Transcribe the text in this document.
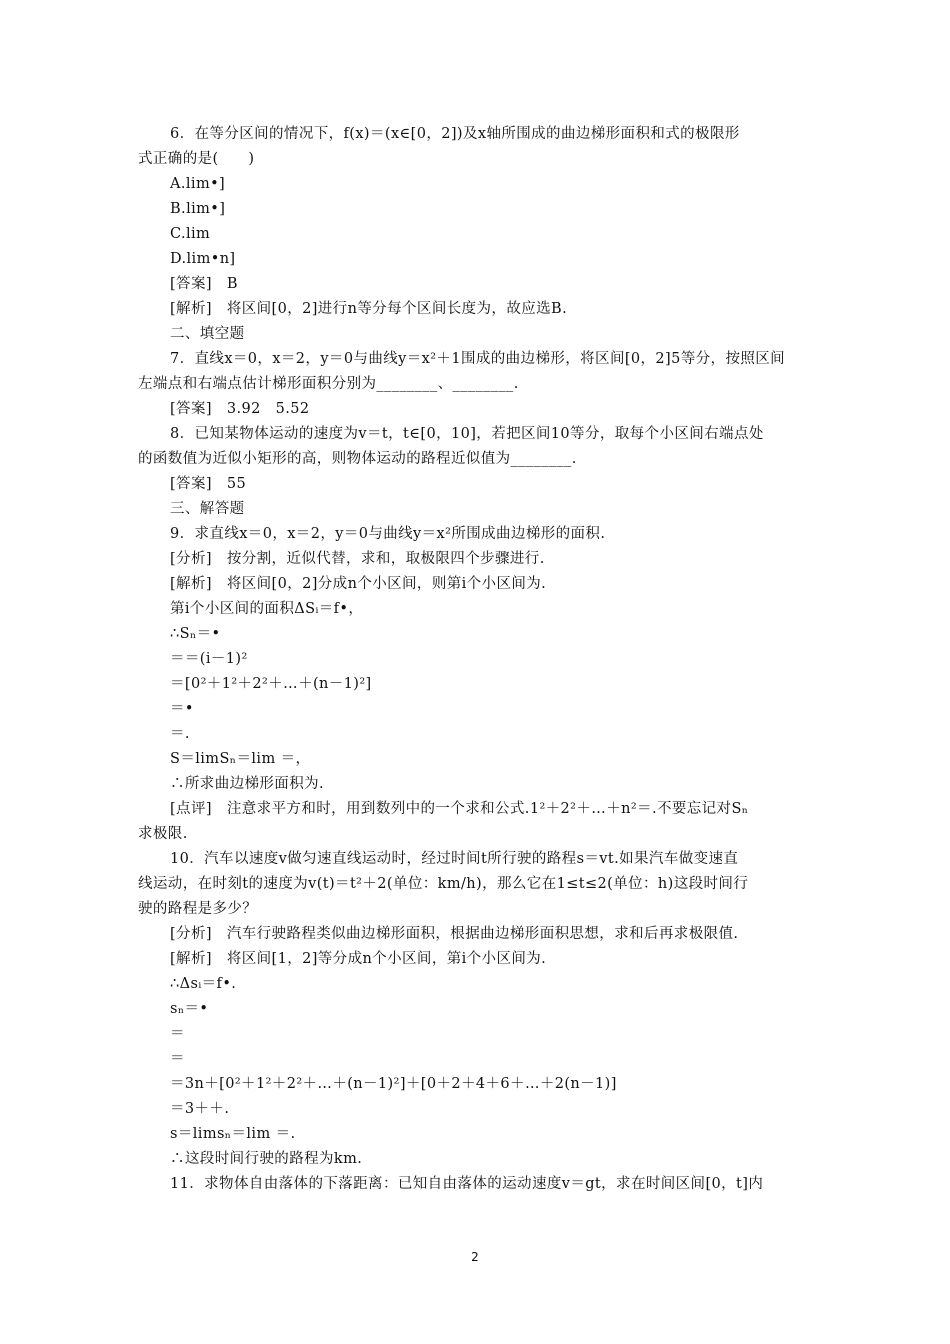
6．在等分区间的情况下，f(x)＝(x∈[0，2])及x轴所围成的曲边梯形面积和式的极限形
式正确的是(　　)
A.lim•]
B.lim•]
C.lim
D.lim•n]
[答案]　B
[解析]　将区间[0，2]进行n等分每个区间长度为，故应选B.
二、填空题
7．直线x＝0，x＝2，y＝0与曲线y＝x²＋1围成的曲边梯形，将区间[0，2]5等分，按照区间
左端点和右端点估计梯形面积分别为________、________.
[答案]　3.92　5.52
8．已知某物体运动的速度为v＝t，t∈[0，10]，若把区间10等分，取每个小区间右端点处
的函数值为近似小矩形的高，则物体运动的路程近似值为________.
[答案]　55
三、解答题
9．求直线x＝0，x＝2，y＝0与曲线y＝x²所围成曲边梯形的面积.
[分析]　按分割，近似代替，求和，取极限四个步骤进行.
[解析]　将区间[0，2]分成n个小区间，则第i个小区间为.
第i个小区间的面积ΔSᵢ＝f•，
∴Sₙ＝•
＝＝(i－1)²
＝[0²＋1²＋2²＋…＋(n－1)²]
＝•
＝.
S＝limSₙ＝lim ＝，
∴所求曲边梯形面积为.
[点评]　注意求平方和时，用到数列中的一个求和公式.1²＋2²＋…＋n²＝.不要忘记对Sₙ
求极限.
10．汽车以速度v做匀速直线运动时，经过时间t所行驶的路程s＝vt.如果汽车做变速直
线运动，在时刻t的速度为v(t)＝t²＋2(单位：km/h)，那么它在1≤t≤2(单位：h)这段时间行
驶的路程是多少？
[分析]　汽车行驶路程类似曲边梯形面积，根据曲边梯形面积思想，求和后再求极限值.
[解析]　将区间[1，2]等分成n个小区间，第i个小区间为.
∴Δsᵢ＝f•.
sₙ＝•
＝
＝
＝3n＋[0²＋1²＋2²＋…＋(n－1)²]＋[0＋2＋4＋6＋…＋2(n－1)]
＝3＋＋.
s＝limsₙ＝lim ＝.
∴这段时间行驶的路程为km.
11．求物体自由落体的下落距离：已知自由落体的运动速度v＝gt，求在时间区间[0，t]内
2
